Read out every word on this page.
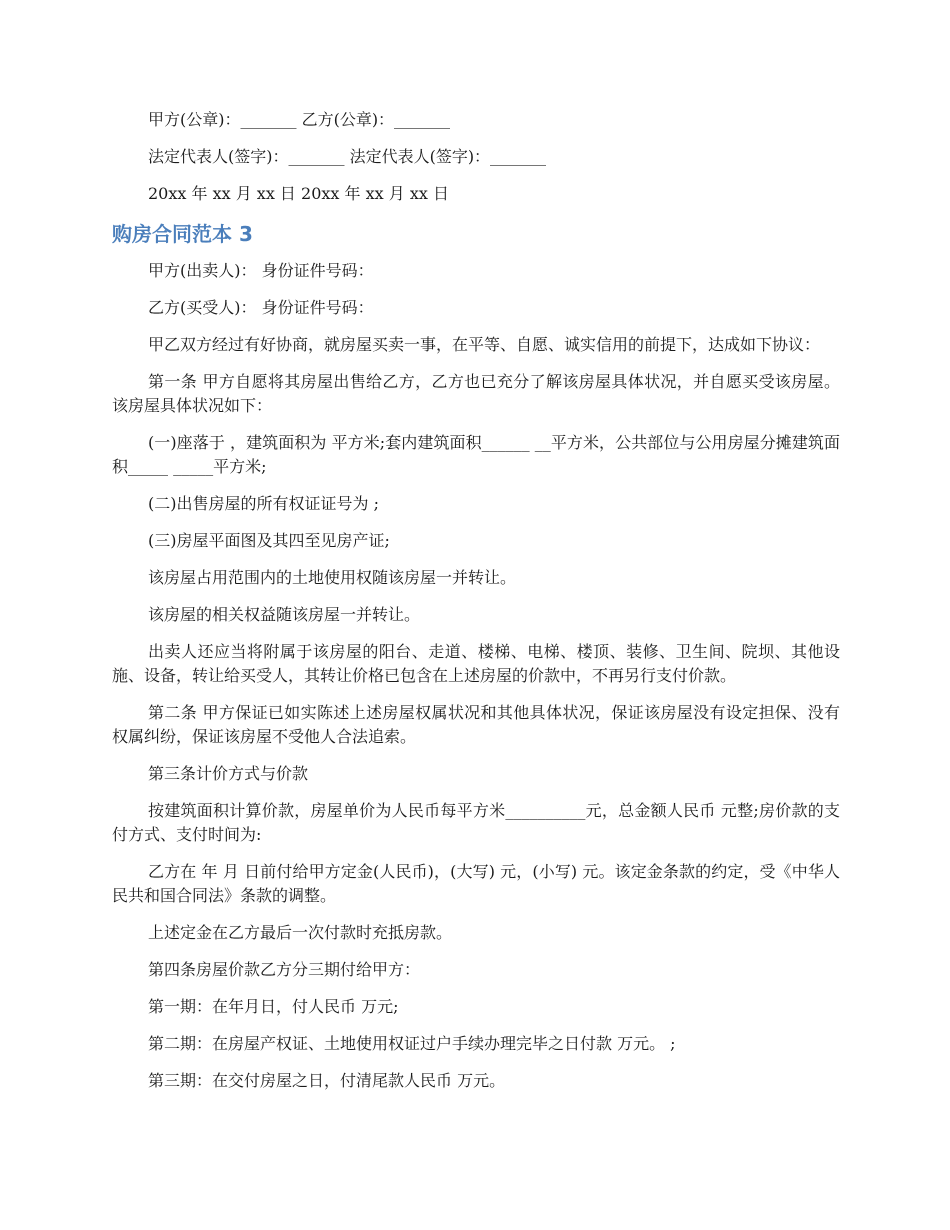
甲方(公章)：_______ 乙方(公章)：_______

法定代表人(签字)：_______ 法定代表人(签字)：_______

20xx 年 xx 月 xx 日 20xx 年 xx 月 xx 日

购房合同范本 3

甲方(出卖人)： 身份证件号码：

乙方(买受人)： 身份证件号码：

甲乙双方经过有好协商，就房屋买卖一事，在平等、自愿、诚实信用的前提下，达成如下协议：

第一条 甲方自愿将其房屋出售给乙方，乙方也已充分了解该房屋具体状况，并自愿买受该房屋。该房屋具体状况如下：

(一)座落于 ，建筑面积为 平方米;套内建筑面积______ __平方米，公共部位与公用房屋分摊建筑面积_____ _____平方米;

(二)出售房屋的所有权证证号为 ;

(三)房屋平面图及其四至见房产证;

该房屋占用范围内的土地使用权随该房屋一并转让。

该房屋的相关权益随该房屋一并转让。

出卖人还应当将附属于该房屋的阳台、走道、楼梯、电梯、楼顶、装修、卫生间、院坝、其他设施、设备，转让给买受人，其转让价格已包含在上述房屋的价款中，不再另行支付价款。

第二条 甲方保证已如实陈述上述房屋权属状况和其他具体状况，保证该房屋没有设定担保、没有权属纠纷，保证该房屋不受他人合法追索。

第三条计价方式与价款

按建筑面积计算价款，房屋单价为人民币每平方米__________元，总金额人民币 元整;房价款的支付方式、支付时间为:

乙方在 年 月 日前付给甲方定金(人民币)，(大写) 元，(小写) 元。该定金条款的约定，受《中华人民共和国合同法》条款的调整。

上述定金在乙方最后一次付款时充抵房款。

第四条房屋价款乙方分三期付给甲方：

第一期：在年月日，付人民币 万元;

第二期：在房屋产权证、土地使用权证过户手续办理完毕之日付款 万元。 ;

第三期：在交付房屋之日，付清尾款人民币 万元。
